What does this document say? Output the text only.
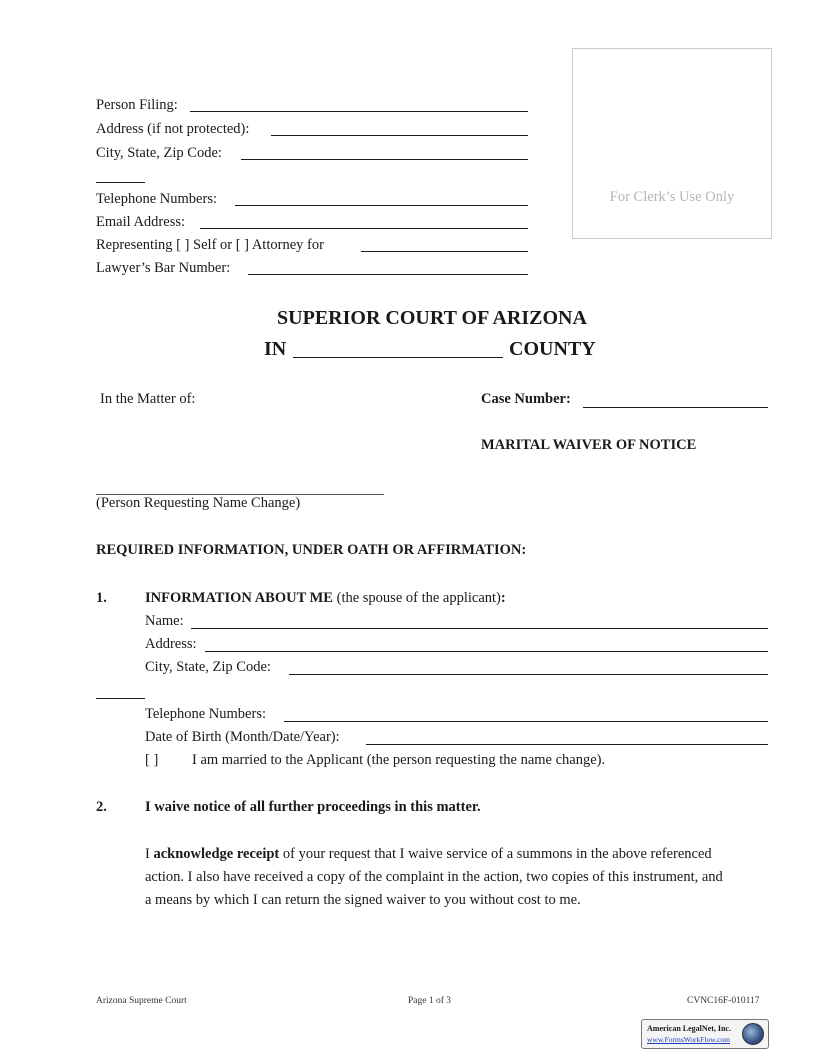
Person Filing:
Address (if not protected):
City, State, Zip Code:
Telephone Numbers:
Email Address:
Representing [ ] Self or [ ] Attorney for
Lawyer’s Bar Number:
For Clerk’s Use Only
SUPERIOR COURT OF ARIZONA
IN	COUNTY
In the Matter of:	Case Number:
MARITAL WAIVER OF NOTICE
(Person Requesting Name Change)
REQUIRED INFORMATION, UNDER OATH OR AFFIRMATION:
1.	INFORMATION ABOUT ME (the spouse of the applicant):
Name:
Address:
City, State, Zip Code:
Telephone Numbers:
Date of Birth (Month/Date/Year):
[ ] I am married to the Applicant (the person requesting the name change).
2.	I waive notice of all further proceedings in this matter.
I acknowledge receipt of your request that I waive service of a summons in the above referenced
action. I also have received a copy of the complaint in the action, two copies of this instrument, and
a means by which I can return the signed waiver to you without cost to me.
Arizona Supreme Court	Page 1 of 3	CVNC16F-010117
American LegalNet, Inc.
www.FormsWorkFlow.com
